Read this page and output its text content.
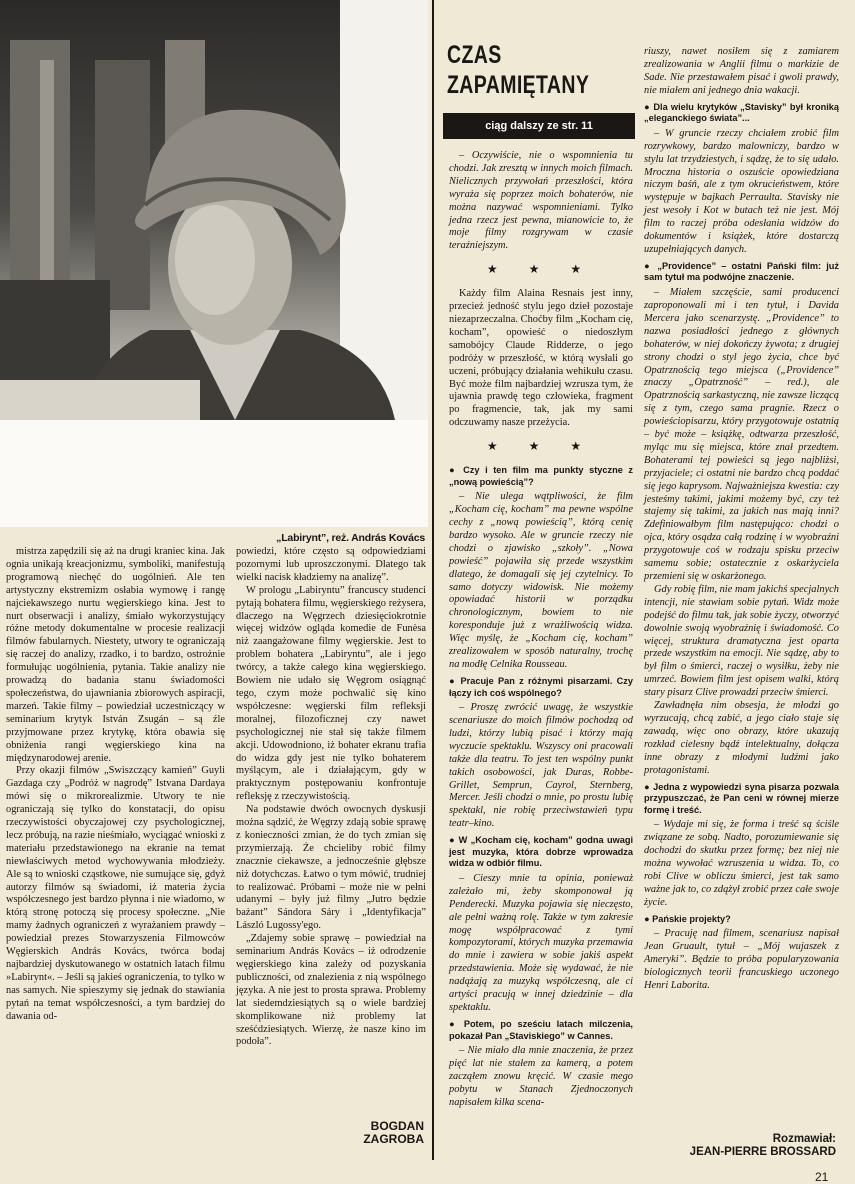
„Labirynt”, reż. András Kovács

mistrza zapędzili się aż na drugi kraniec kina. Jak ognia unikają kreacjonizmu, symboliki, manifestują programową niechęć do uogólnień. Ale ten artystyczny ekstremizm osłabia wymowę i rangę najciekawszego nurtu węgierskiego kina. Jest to nurt obserwacji i analizy, śmiało wykorzystujący różne metody dokumentalne w procesie realizacji filmów fabularnych. Niestety, utwory te ograniczają się raczej do analizy, rzadko, i to bardzo, ostrożnie formułując uogólnienia, pytania. Takie analizy nie prowadzą do badania stanu świadomości społeczeństwa, do ujawniania zbiorowych aspiracji, marzeń. Takie filmy – powiedział uczestniczący w seminarium krytyk István Zsugán – są źle przyjmowane przez krytykę, która obawia się obniżenia rangi węgierskiego kina na międzynarodowej arenie.

Przy okazji filmów „Swiszczący kamień” Guyli Gazdaga czy „Podróż w nagrodę” Istvana Dardaya mówi się o mikrorealizmie. Utwory te nie ograniczają się tylko do konstatacji, do opisu rzeczywistości obyczajowej czy psychologicznej, lecz próbują, na razie nieśmiało, wyciągać wnioski z materiału przedstawionego na ekranie na temat niewłaściwych metod wychowywania młodzieży. Ale są to wnioski cząstkowe, nie sumujące się, gdyż autorzy filmów są świadomi, iż materia życia współczesnego jest bardzo płynna i nie wiadomo, w którą stronę potoczą się procesy społeczne. „Nie mamy żadnych ograniczeń z wyrażaniem prawdy – powiedział prezes Stowarzyszenia Filmowców Węgierskich András Kovács, twórca bodaj najbardziej dyskutowanego w ostatnich latach filmu »Labirynt«. – Jeśli są jakieś ograniczenia, to tylko w nas samych. Nie spieszymy się jednak do stawiania pytań na temat współczesności, a tym bardziej do dawania od-

powiedzi, które często są odpowiedziami pozornymi lub uproszczonymi. Dlatego tak wielki nacisk kładziemy na analizę”.

W prologu „Labiryntu” francuscy studenci pytają bohatera filmu, węgierskiego reżysera, dlaczego na Węgrzech dziesięciokrotnie więcej widzów ogląda komedie de Funèsa niż zaangażowane filmy węgierskie. Jest to problem bohatera „Labiryntu”, ale i jego twórcy, a także całego kina węgierskiego. Bowiem nie udało się Węgrom osiągnąć tego, czym może pochwalić się kino współczesne: węgierski film refleksji moralnej, filozoficznej czy nawet psychologicznej nie stał się także filmem akcji. Udowodniono, iż bohater ekranu trafia do widza gdy jest nie tylko bohaterem myślącym, ale i działającym, gdy w praktycznym postępowaniu konfrontuje refleksję z rzeczywistością.

Na podstawie dwóch owocnych dyskusji można sądzić, że Węgrzy zdają sobie sprawę z konieczności zmian, że do tych zmian się przymierzają. Że chcieliby robić filmy znacznie ciekawsze, a jednocześnie głębsze niż dotychczas. Łatwo o tym mówić, trudniej to realizować. Próbami – może nie w pełni udanymi – były już filmy „Jutro będzie bażant” Sándora Sáry i „Identyfikacja” László Lugossy'ego.

„Zdajemy sobie sprawę – powiedział na seminarium András Kovács – iż odrodzenie węgierskiego kina zależy od pozyskania publiczności, od znalezienia z nią wspólnego języka. A nie jest to prosta sprawa. Problemy lat siedemdziesiątych są o wiele bardziej skomplikowane niż problemy lat sześćdziesiątych. Wierzę, że nasze kino im podoła”.

BOGDAN
ZAGROBA
CZAS
ZAPAMIĘTANY
ciąg dalszy ze str. 11

– Oczywiście, nie o wspomnienia tu chodzi. Jak zresztą w innych moich filmach. Nielicznych przywołań przeszłości, która wyraża się poprzez moich bohaterów, nie można nazywać wspomnieniami. Tylko jedna rzecz jest pewna, mianowicie to, że moje filmy rozgrywam w czasie teraźniejszym.

★ ★ ★

Każdy film Alaina Resnais jest inny, przecież jedność stylu jego dzieł pozostaje niezaprzeczalna. Choćby film „Kocham cię, kocham”, opowieść o niedoszłym samobójcy Claude Ridderze, o jego podróży w przeszłość, w którą wysłali go uczeni, próbujący działania wehikułu czasu. Być może film najbardziej wzrusza tym, że ujawnia prawdę tego człowieka, fragment po fragmencie, tak, jak my sami odczuwamy nasze przeżycia.

★ ★ ★

● Czy i ten film ma punkty styczne z „nową powieścią”?

– Nie ulega wątpliwości, że film „Kocham cię, kocham” ma pewne wspólne cechy z „nową powieścią”, którą cenię bardzo wysoko. Ale w gruncie rzeczy nie chodzi o zjawisko „szkoły”. „Nowa powieść” pojawiła się przede wszystkim dlatego, że domagali się jej czytelnicy. To samo dotyczy widowisk. Nie możemy opowiadać historii w porządku chronologicznym, bowiem to nie koresponduje już z wrażliwością widza. Więc myślę, że „Kocham cię, kocham” zrealizowałem w sposób naturalny, trochę na modłę Celnika Rousseau.

● Pracuje Pan z różnymi pisarzami. Czy łączy ich coś wspólnego?

– Proszę zwrócić uwagę, że wszystkie scenariusze do moich filmów pochodzą od ludzi, którzy lubią pisać i którzy mają wyczucie spektaklu. Wszyscy oni pracowali także dla teatru. To jest ten wspólny punkt takich osobowości, jak Duras, Robbe-Grillet, Semprun, Cayrol, Sternberg, Mercer. Jeśli chodzi o mnie, po prostu lubię spektakl, nie robię przeciwstawień typu teatr–kino.

● W „Kocham cię, kocham” godna uwagi jest muzyka, która dobrze wprowadza widza w odbiór filmu.

– Cieszy mnie ta opinia, ponieważ zależało mi, żeby skomponował ją Penderecki. Muzyka pojawia się nieczęsto, ale pełni ważną rolę. Także w tym zakresie mogę współpracować z tymi kompozytorami, których muzyka przemawia do mnie i zawiera w sobie jakiś aspekt przedstawienia. Może się wydawać, że nie nadążają za muzyką współczesną, ale ci artyści pracują w innej dziedzinie – dla spektaklu.

● Potem, po sześciu latach milczenia, pokazał Pan „Staviskiego” w Cannes.

– Nie miało dla mnie znaczenia, że przez pięć lat nie stałem za kamerą, a potem zacząłem znowu kręcić. W czasie mego pobytu w Stanach Zjednoczonych napisałem kilka scena-

riuszy, nawet nosiłem się z zamiarem zrealizowania w Anglii filmu o markizie de Sade. Nie przestawałem pisać i gwoli prawdy, nie miałem ani jednego dnia wakacji.

● Dla wielu krytyków „Stavisky” był kroniką „eleganckiego świata”...

– W gruncie rzeczy chciałem zrobić film rozrywkowy, bardzo malowniczy, bardzo w stylu lat trzydziestych, i sądzę, że to się udało. Mroczna historia o oszuście opowiedziana niczym baśń, ale z tym okrucieństwem, które występuje w bajkach Perraulta. Stavisky nie jest wesoły i Kot w butach też nie jest. Mój film to raczej próba odesłania widzów do dokumentów i książek, które dostarczą uzupełniających danych.

● „Providence” – ostatni Pański film: już sam tytuł ma podwójne znaczenie.

– Miałem szczęście, sami producenci zaproponowali mi i ten tytuł, i Davida Mercera jako scenarzystę. „Providence” to nazwa posiadłości jednego z głównych bohaterów, w niej dokończy żywota; z drugiej strony chodzi o styl jego życia, chce być Opatrznością tego miejsca („Providence” znaczy „Opatrzność” – red.), ale Opatrznością sarkastyczną, nie zawsze liczącą się z tym, czego sama pragnie. Rzecz o powieściopisarzu, który przygotowuje ostatnią – być może – książkę, odtwarza przeszłość, myląc mu się miejsca, które znał przedtem. Bohaterami tej powieści są jego najbliżsi, przyjaciele; ci ostatni nie bardzo chcą poddać się jego kaprysom. Najważniejsza kwestia: czy jesteśmy takimi, jakimi możemy być, czy też stajemy się takimi, za jakich nas mają inni? Zdefiniowałbym film następująco: chodzi o ojca, który osądza całą rodzinę i w wyobraźni przygotowuje coś w rodzaju spisku przeciw samemu sobie; ostatecznie z oskarżyciela przemieni się w oskarżonego.

Gdy robię film, nie mam jakichś specjalnych intencji, nie stawiam sobie pytań. Widz może podejść do filmu tak, jak sobie życzy, otworzyć dowolnie swoją wyobraźnię i świadomość. Co więcej, struktura dramatyczna jest oparta przede wszystkim na emocji. Nie sądzę, aby to był film o śmierci, raczej o wysiłku, żeby nie umrzeć. Bowiem film jest opisem walki, którą stary pisarz Clive prowadzi przeciw śmierci.

Zawładnęła nim obsesja, że młodzi go wyrzucają, chcą zabić, a jego ciało staje się zawadą, więc ono obrazy, które ukazują rozkład cielesny bądź intelektualny, dołącza inne obrazy z młodymi ludźmi jako protagonistami.

● Jedna z wypowiedzi syna pisarza pozwala przypuszczać, że Pan ceni w równej mierze formę i treść.

– Wydaje mi się, że forma i treść są ściśle związane ze sobą. Nadto, porozumiewanie się dochodzi do skutku przez formę; bez niej nie można wywołać wzruszenia u widza. To, co robi Clive w obliczu śmierci, jest tak samo ważne jak to, co zdążył zrobić przez całe swoje życie.

● Pańskie projekty?

– Pracuję nad filmem, scenariusz napisał Jean Gruault, tytuł – „Mój wujaszek z Ameryki”. Będzie to próba popularyzowania biologicznych teorii francuskiego uczonego Henri Laborita.

Rozmawiał:
JEAN-PIERRE BROSSARD
21
